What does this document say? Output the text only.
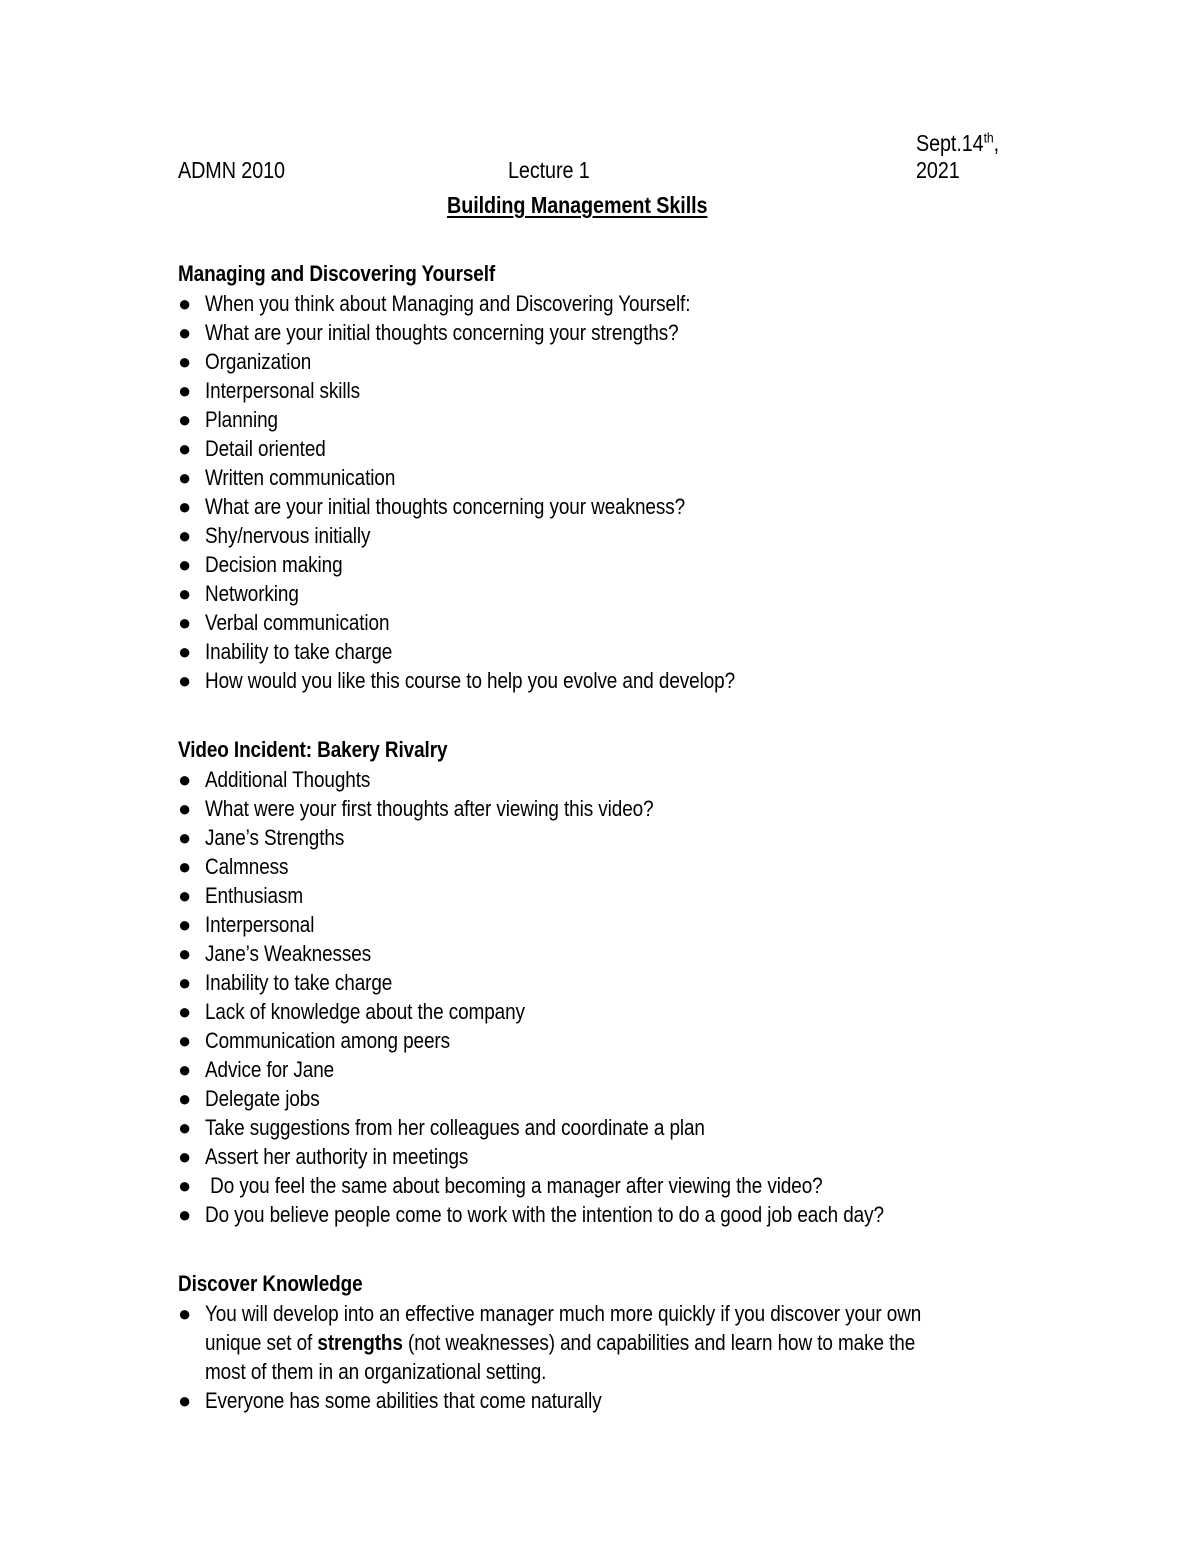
ADMN 2010	Lecture 1
Sept.14th, 2021
Building Management Skills
Managing and Discovering Yourself
● When you think about Managing and Discovering Yourself:
● What are your initial thoughts concerning your strengths?
● Organization
● Interpersonal skills
● Planning
● Detail oriented
● Written communication
● What are your initial thoughts concerning your weakness?
● Shy/nervous initially
● Decision making
● Networking
● Verbal communication
● Inability to take charge
● How would you like this course to help you evolve and develop?
Video Incident: Bakery Rivalry
● Additional Thoughts
● What were your first thoughts after viewing this video?
● Jane’s Strengths
● Calmness
● Enthusiasm
● Interpersonal
● Jane’s Weaknesses
● Inability to take charge
● Lack of knowledge about the company
● Communication among peers
● Advice for Jane
● Delegate jobs
● Take suggestions from her colleagues and coordinate a plan
● Assert her authority in meetings
● Do you feel the same about becoming a manager after viewing the video?
● Do you believe people come to work with the intention to do a good job each day?
Discover Knowledge
● You will develop into an effective manager much more quickly if you discover your own unique set of strengths (not weaknesses) and capabilities and learn how to make the most of them in an organizational setting.
● Everyone has some abilities that come naturally
